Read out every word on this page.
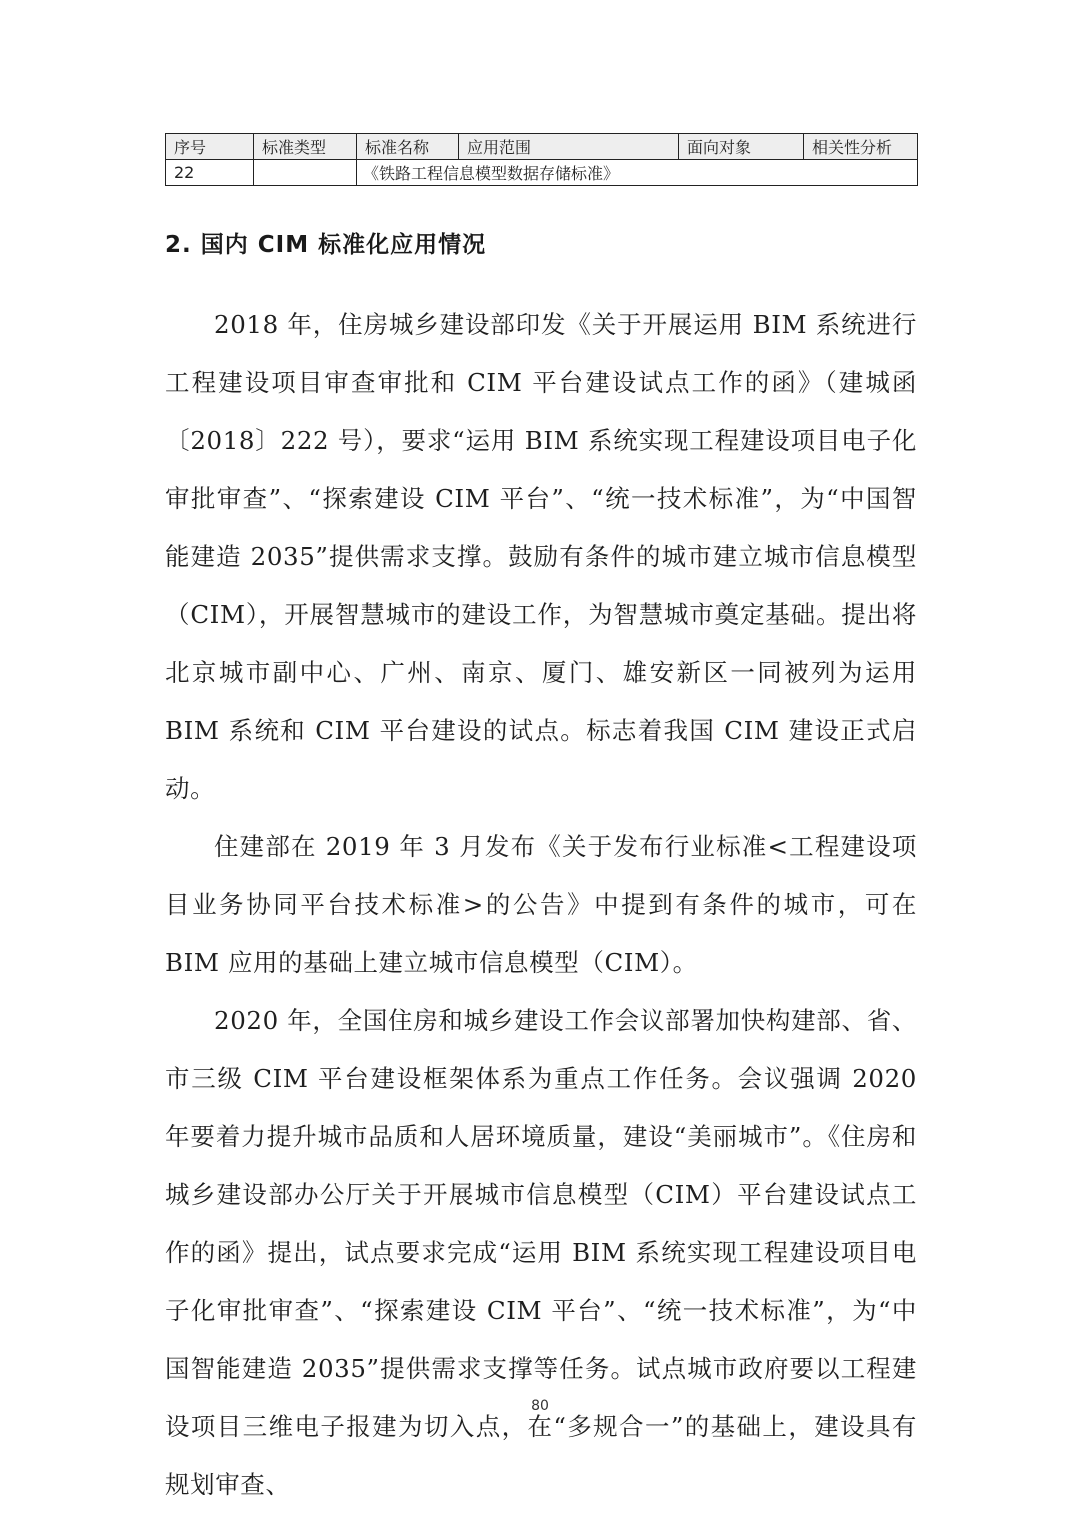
序号	标准类型	标准名称	应用范围	面向对象	相关性分析
22		《铁路工程信息模型数据存储标准》			
2. 国内 CIM 标准化应用情况

2018 年，住房城乡建设部印发《关于开展运用 BIM 系统进行工程建设项目审查审批和 CIM 平台建设试点工作的函》（建城函〔2018〕222 号），要求“运用 BIM 系统实现工程建设项目电子化审批审查”、“探索建设 CIM 平台”、“统一技术标准”，为“中国智能建造 2035”提供需求支撑。鼓励有条件的城市建立城市信息模型（CIM），开展智慧城市的建设工作，为智慧城市奠定基础。提出将北京城市副中心、广州、南京、厦门、雄安新区一同被列为运用 BIM 系统和 CIM 平台建设的试点。标志着我国 CIM 建设正式启动。

住建部在 2019 年 3 月发布《关于发布行业标准<工程建设项目业务协同平台技术标准>的公告》中提到有条件的城市，可在 BIM 应用的基础上建立城市信息模型（CIM）。

2020 年，全国住房和城乡建设工作会议部署加快构建部、省、市三级 CIM 平台建设框架体系为重点工作任务。会议强调 2020 年要着力提升城市品质和人居环境质量，建设“美丽城市”。《住房和城乡建设部办公厅关于开展城市信息模型（CIM）平台建设试点工作的函》提出，试点要求完成“运用 BIM 系统实现工程建设项目电子化审批审查”、“探索建设 CIM 平台”、“统一技术标准”，为“中国智能建造 2035”提供需求支撑等任务。试点城市政府要以工程建设项目三维电子报建为切入点，在“多规合一”的基础上，建设具有规划审查、

80
